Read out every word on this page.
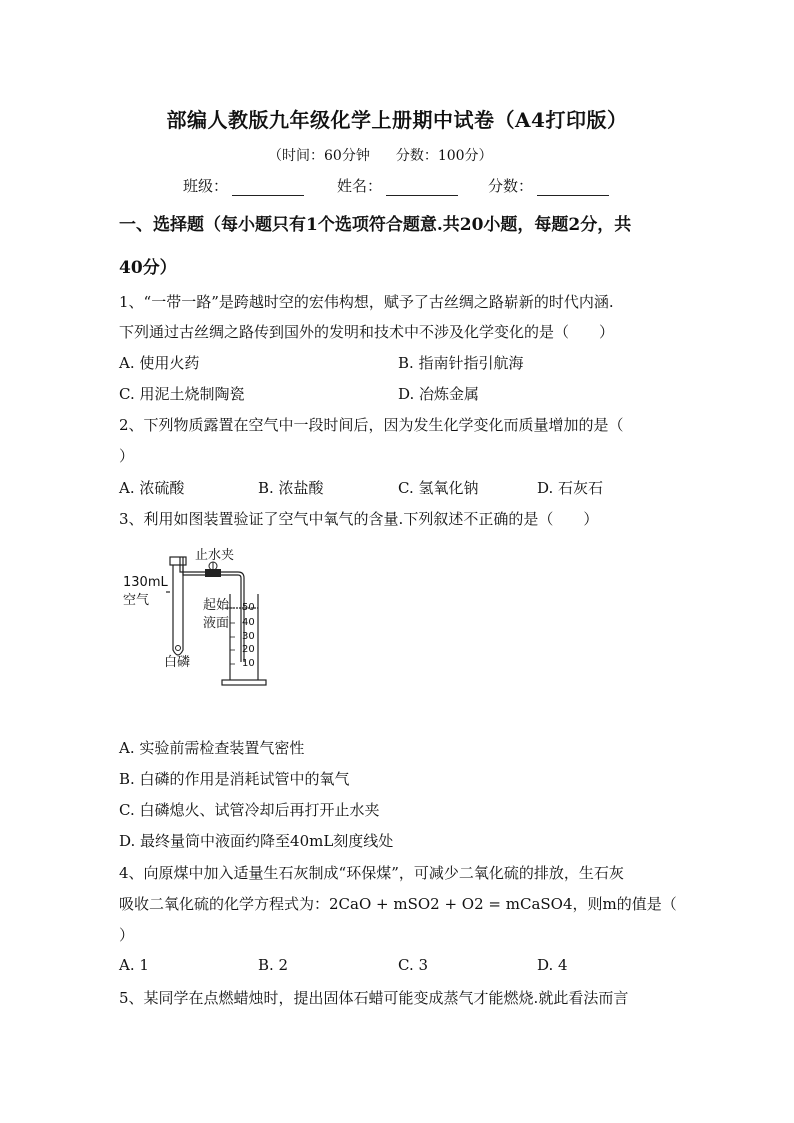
部编人教版九年级化学上册期中试卷（A4打印版）
（时间：60分钟 分数：100分）
班级：	姓名：	分数：
一、选择题（每小题只有1个选项符合题意.共20小题，每题2分，共
40分）
1、“一带一路”是跨越时空的宏伟构想，赋予了古丝绸之路崭新的时代内涵.
下列通过古丝绸之路传到国外的发明和技术中不涉及化学变化的是（　　）
A. 使用火药	B. 指南针指引航海
C. 用泥土烧制陶瓷	D. 冶炼金属
2、下列物质露置在空气中一段时间后，因为发生化学变化而质量增加的是（
）
A. 浓硫酸	B. 浓盐酸	C. 氢氧化钠	D. 石灰石
3、利用如图装置验证了空气中氧气的含量.下列叙述不正确的是（　　）
止水夹
130mL
空气	起始
液面
白磷
50
40
30
20
10
A. 实验前需检查装置气密性
B. 白磷的作用是消耗试管中的氧气
C. 白磷熄火、试管冷却后再打开止水夹
D. 最终量筒中液面约降至40mL刻度线处
4、向原煤中加入适量生石灰制成“环保煤”，可减少二氧化硫的排放，生石灰
吸收二氧化硫的化学方程式为：2CaO + mSO2 + O2 = mCaSO4，则m的值是（
）
A. 1	B. 2	C. 3	D. 4
5、某同学在点燃蜡烛时，提出固体石蜡可能变成蒸气才能燃烧.就此看法而言
